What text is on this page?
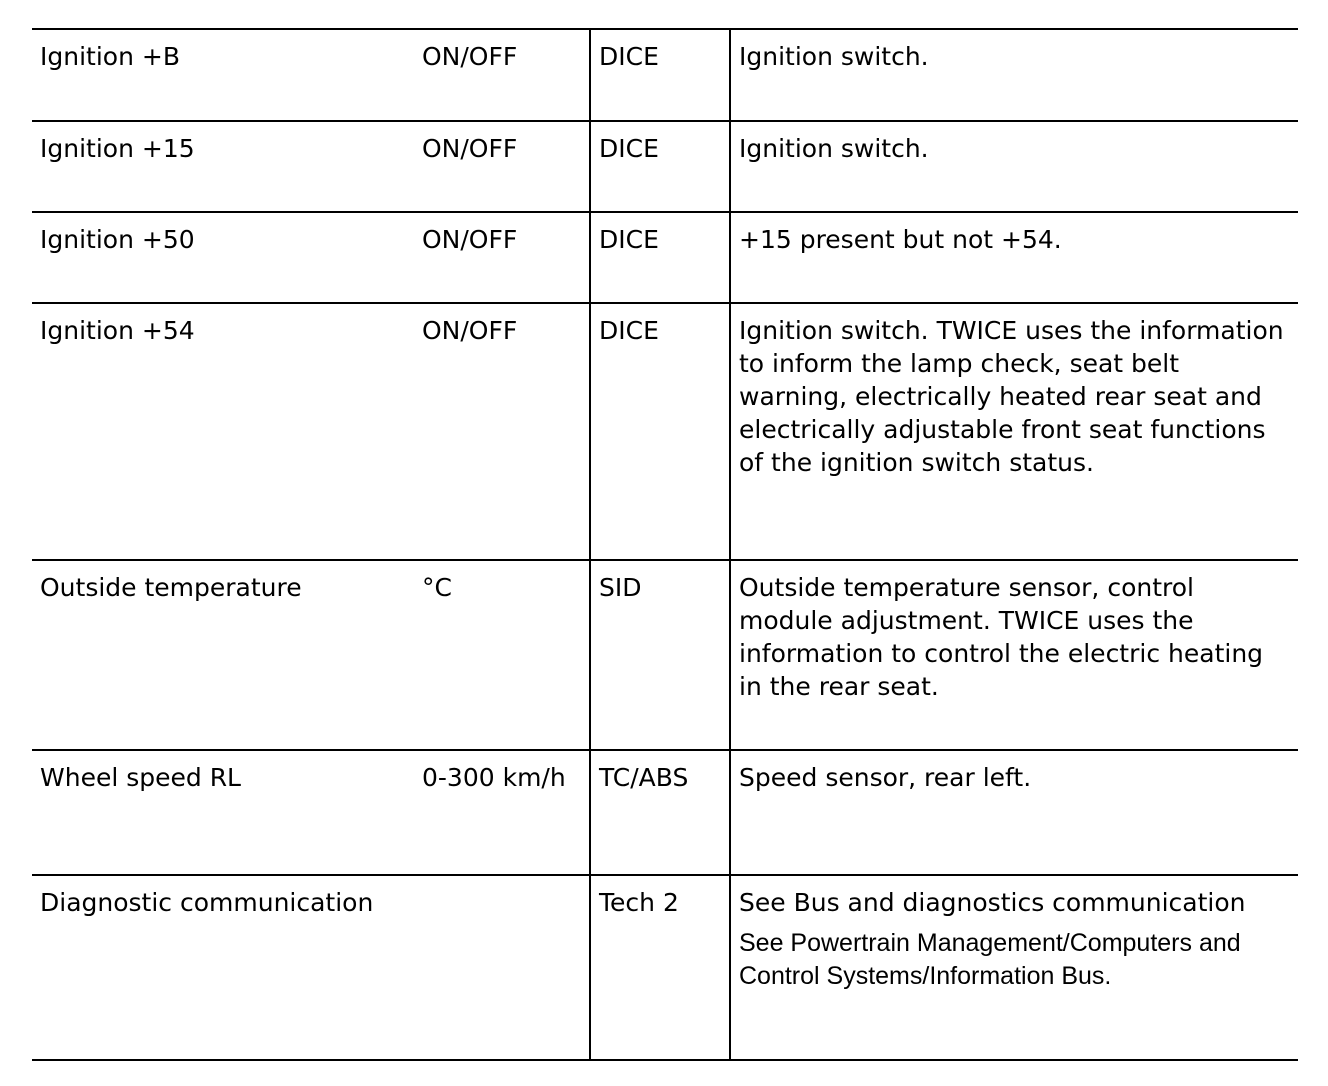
Ignition +B	ON/OFF	DICE	Ignition switch.
Ignition +15	ON/OFF	DICE	Ignition switch.
Ignition +50	ON/OFF	DICE	+15 present but not +54.
Ignition +54	ON/OFF	DICE	Ignition switch. TWICE uses the information to inform the lamp check, seat belt warning, electrically heated rear seat and electrically adjustable front seat functions of the ignition switch status.
Outside temperature	°C	SID	Outside temperature sensor, control module adjustment. TWICE uses the information to control the electric heating in the rear seat.
Wheel speed RL	0-300 km/h	TC/ABS	Speed sensor, rear left.
Diagnostic communication		Tech 2	See Bus and diagnostics communication
See Powertrain Management/Computers and Control Systems/Information Bus.
